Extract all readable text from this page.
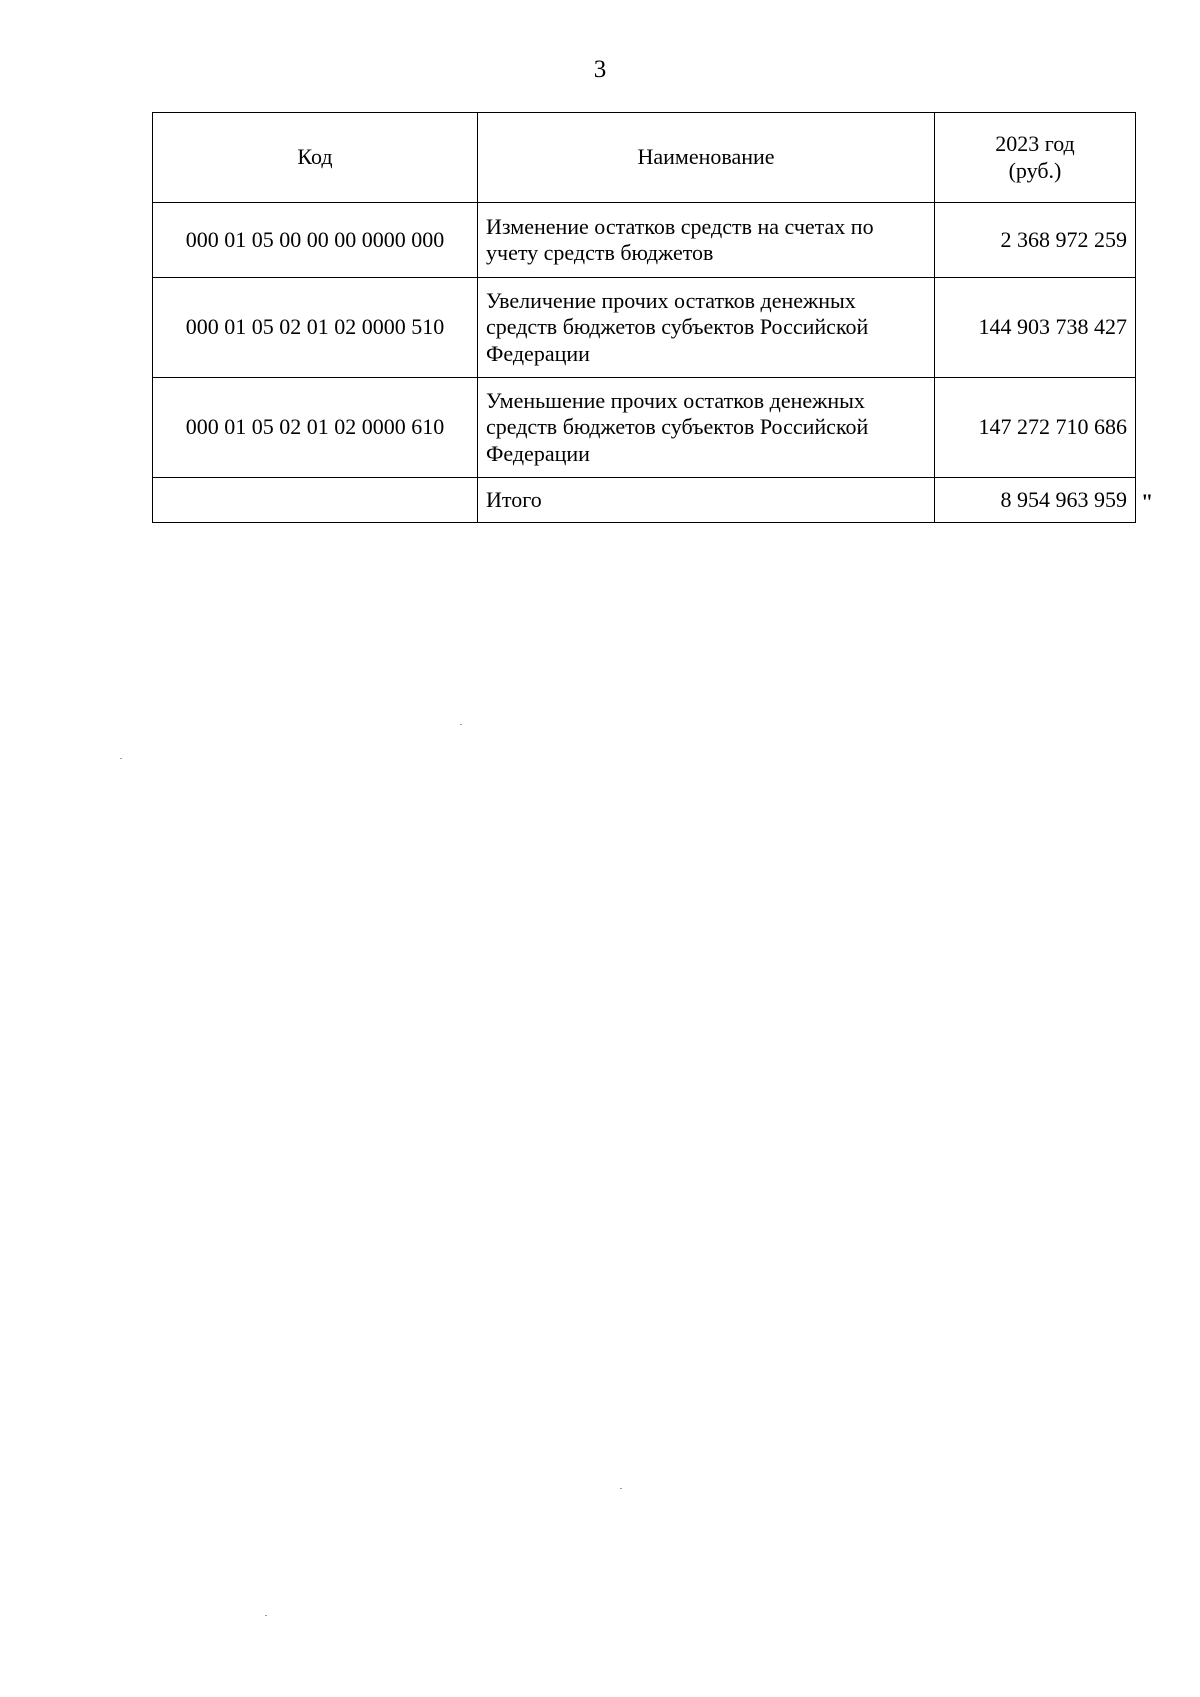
3
Код	Наименование	2023 год
(руб.)

000 01 05 00 00 00 0000 000	Изменение остатков средств на счетах по учету средств бюджетов	2 368 972 259
000 01 05 02 01 02 0000 510	Увеличение прочих остатков денежных средств бюджетов субъектов Российской Федерации	144 903 738 427
000 01 05 02 01 02 0000 610	Уменьшение прочих остатков денежных средств бюджетов субъектов Российской Федерации	147 272 710 686
	Итого	8 954 963 959 "
